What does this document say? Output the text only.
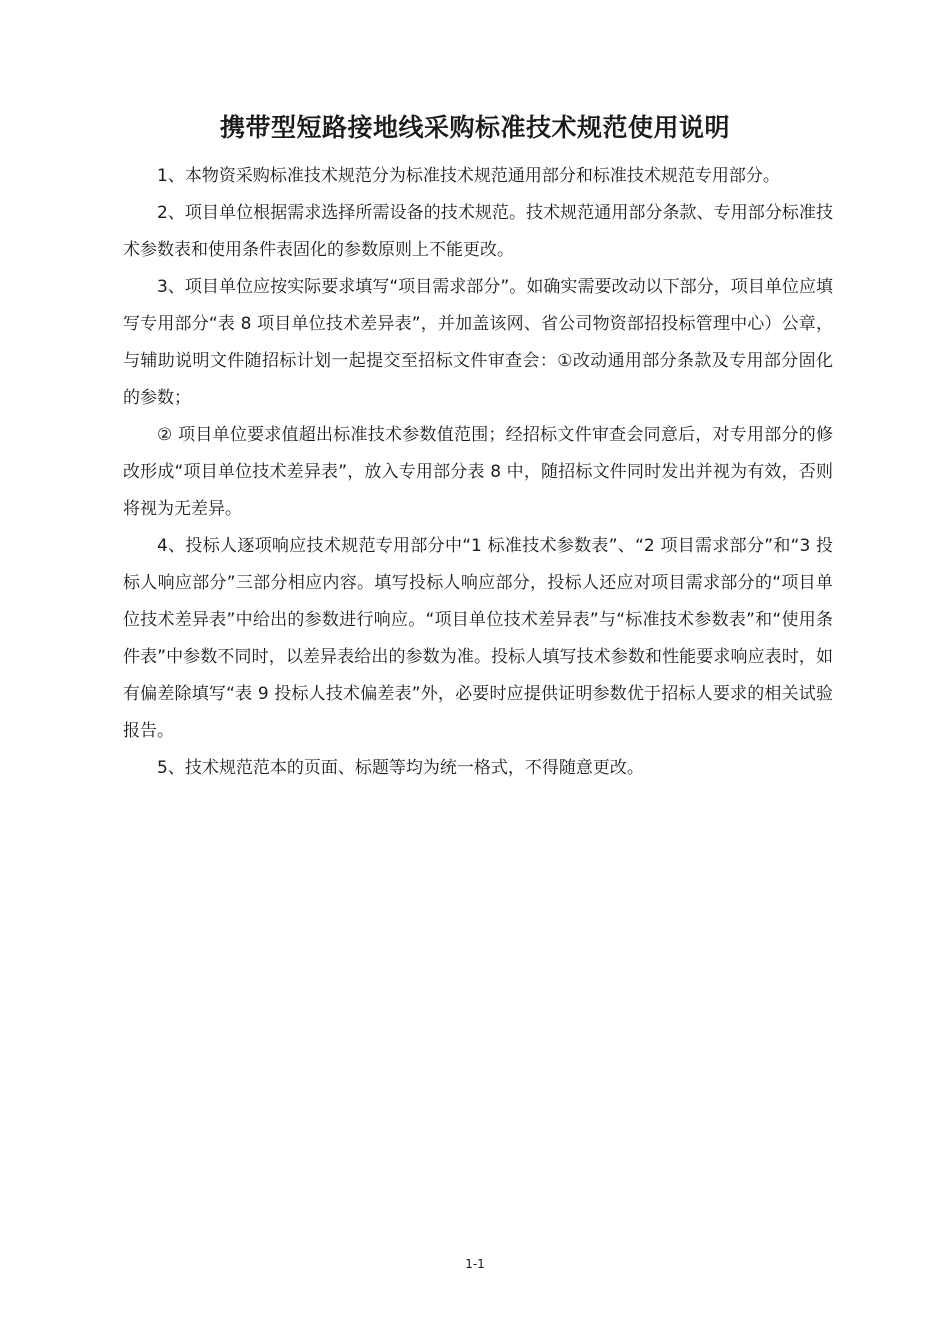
携带型短路接地线采购标准技术规范使用说明

1、本物资采购标准技术规范分为标准技术规范通用部分和标准技术规范专用部分。

2、项目单位根据需求选择所需设备的技术规范。技术规范通用部分条款、专用部分标准技术参数表和使用条件表固化的参数原则上不能更改。

3、项目单位应按实际要求填写“项目需求部分”。如确实需要改动以下部分，项目单位应填写专用部分“表 8 项目单位技术差异表”，并加盖该网、省公司物资部招投标管理中心）公章，与辅助说明文件随招标计划一起提交至招标文件审查会：①改动通用部分条款及专用部分固化的参数；

② 项目单位要求值超出标准技术参数值范围；经招标文件审查会同意后，对专用部分的修改形成“项目单位技术差异表”，放入专用部分表 8 中，随招标文件同时发出并视为有效，否则将视为无差异。

4、投标人逐项响应技术规范专用部分中“1 标准技术参数表”、“2 项目需求部分”和“3 投标人响应部分”三部分相应内容。填写投标人响应部分，投标人还应对项目需求部分的“项目单位技术差异表”中给出的参数进行响应。“项目单位技术差异表”与“标准技术参数表”和“使用条件表”中参数不同时，以差异表给出的参数为准。投标人填写技术参数和性能要求响应表时，如有偏差除填写“表 9 投标人技术偏差表”外，必要时应提供证明参数优于招标人要求的相关试验报告。

5、技术规范范本的页面、标题等均为统一格式，不得随意更改。

1-1
